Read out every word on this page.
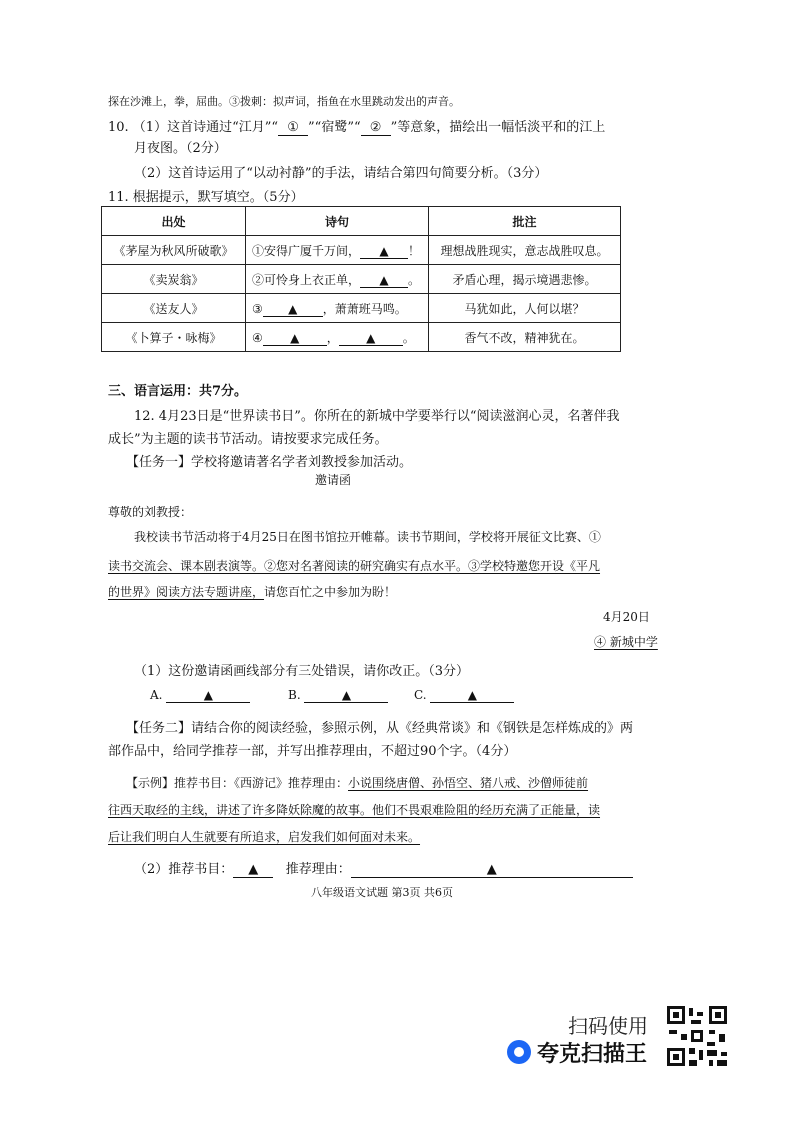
探在沙滩上，拳，屈曲。③拨刺：拟声词，指鱼在水里跳动发出的声音。
10. （1）这首诗通过“江月”“ ① ”“宿鹭”“ ② ”等意象，描绘出一幅恬淡平和的江上
月夜图。（2分）
（2）这首诗运用了“以动衬静”的手法，请结合第四句简要分析。（3分）
11. 根据提示，默写填空。（5分）
出处	诗句	批注
《茅屋为秋风所破歌》	①安得广厦千万间， ▲ ！	理想战胜现实，意志战胜叹息。
《卖炭翁》	②可怜身上衣正单， ▲ 。	矛盾心理，揭示境遇悲惨。
《送友人》	③ ▲ ，萧萧班马鸣。	马犹如此，人何以堪？
《卜算子・咏梅》	④ ▲ ， ▲ 。	香气不改，精神犹在。
三、语言运用：共7分。
12. 4月23日是“世界读书日”。你所在的新城中学要举行以“阅读滋润心灵，名著伴我
成长”为主题的读书节活动。请按要求完成任务。
【任务一】学校将邀请著名学者刘教授参加活动。
邀请函
尊敬的刘教授：
我校读书节活动将于4月25日在图书馆拉开帷幕。读书节期间，学校将开展征文比赛、①
读书交流会、课本剧表演等。②您对名著阅读的研究确实有点水平。③学校特邀您开设《平凡
的世界》阅读方法专题讲座，请您百忙之中参加为盼！
4月20日
④ 新城中学
（1）这份邀请函画线部分有三处错误，请你改正。（3分）
A.	▲	B.	▲	C.	▲
【任务二】请结合你的阅读经验，参照示例，从《经典常谈》和《钢铁是怎样炼成的》两
部作品中，给同学推荐一部，并写出推荐理由，不超过90个字。（4分）
【示例】推荐书目：《西游记》推荐理由：小说围绕唐僧、孙悟空、猪八戒、沙僧师徒前
往西天取经的主线，讲述了许多降妖除魔的故事。他们不畏艰难险阻的经历充满了正能量，读
后让我们明白人生就要有所追求，启发我们如何面对未来。
（2）推荐书目： ▲ 推荐理由：	▲
八年级语文试题 第3页 共6页
扫码使用
夸克扫描王
